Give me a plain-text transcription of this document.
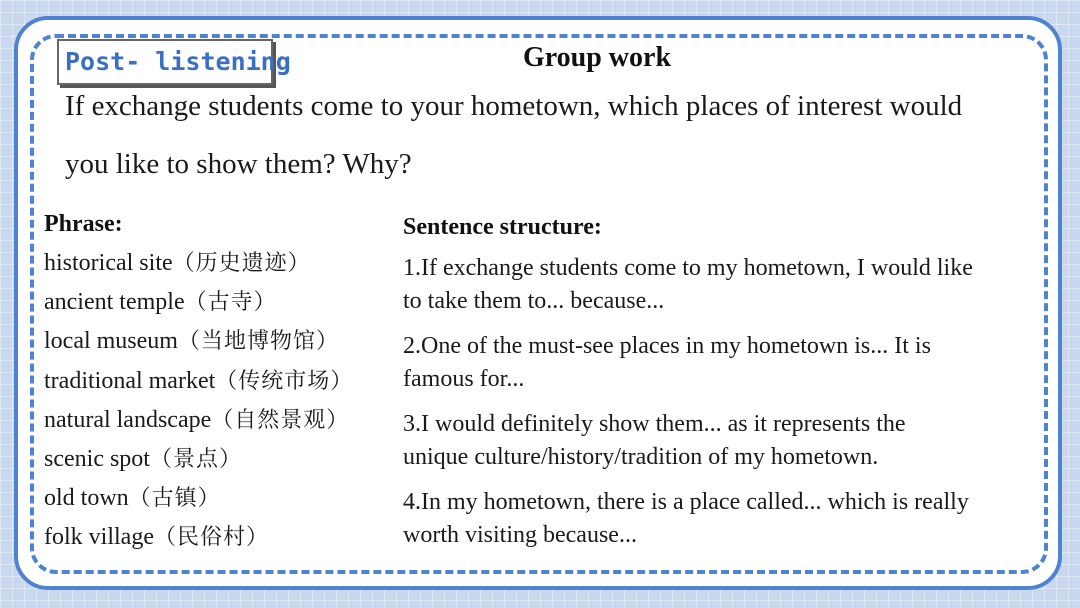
Post- listening	Group work
If exchange students come to your hometown, which places of interest would
you like to show them? Why?
Phrase:
historical site（历史遗迹）
ancient temple（古寺）
local museum（当地博物馆）
traditional market（传统市场）
natural landscape（自然景观）
scenic spot（景点）
old town（古镇）
folk village（民俗村）
Sentence structure:
1.If exchange students come to my hometown, I would like
to take them to... because...
2.One of the must-see places in my hometown is... It is
famous for...
3.I would definitely show them... as it represents the
unique culture/history/tradition of my hometown.
4.In my hometown, there is a place called... which is really
worth visiting because...
